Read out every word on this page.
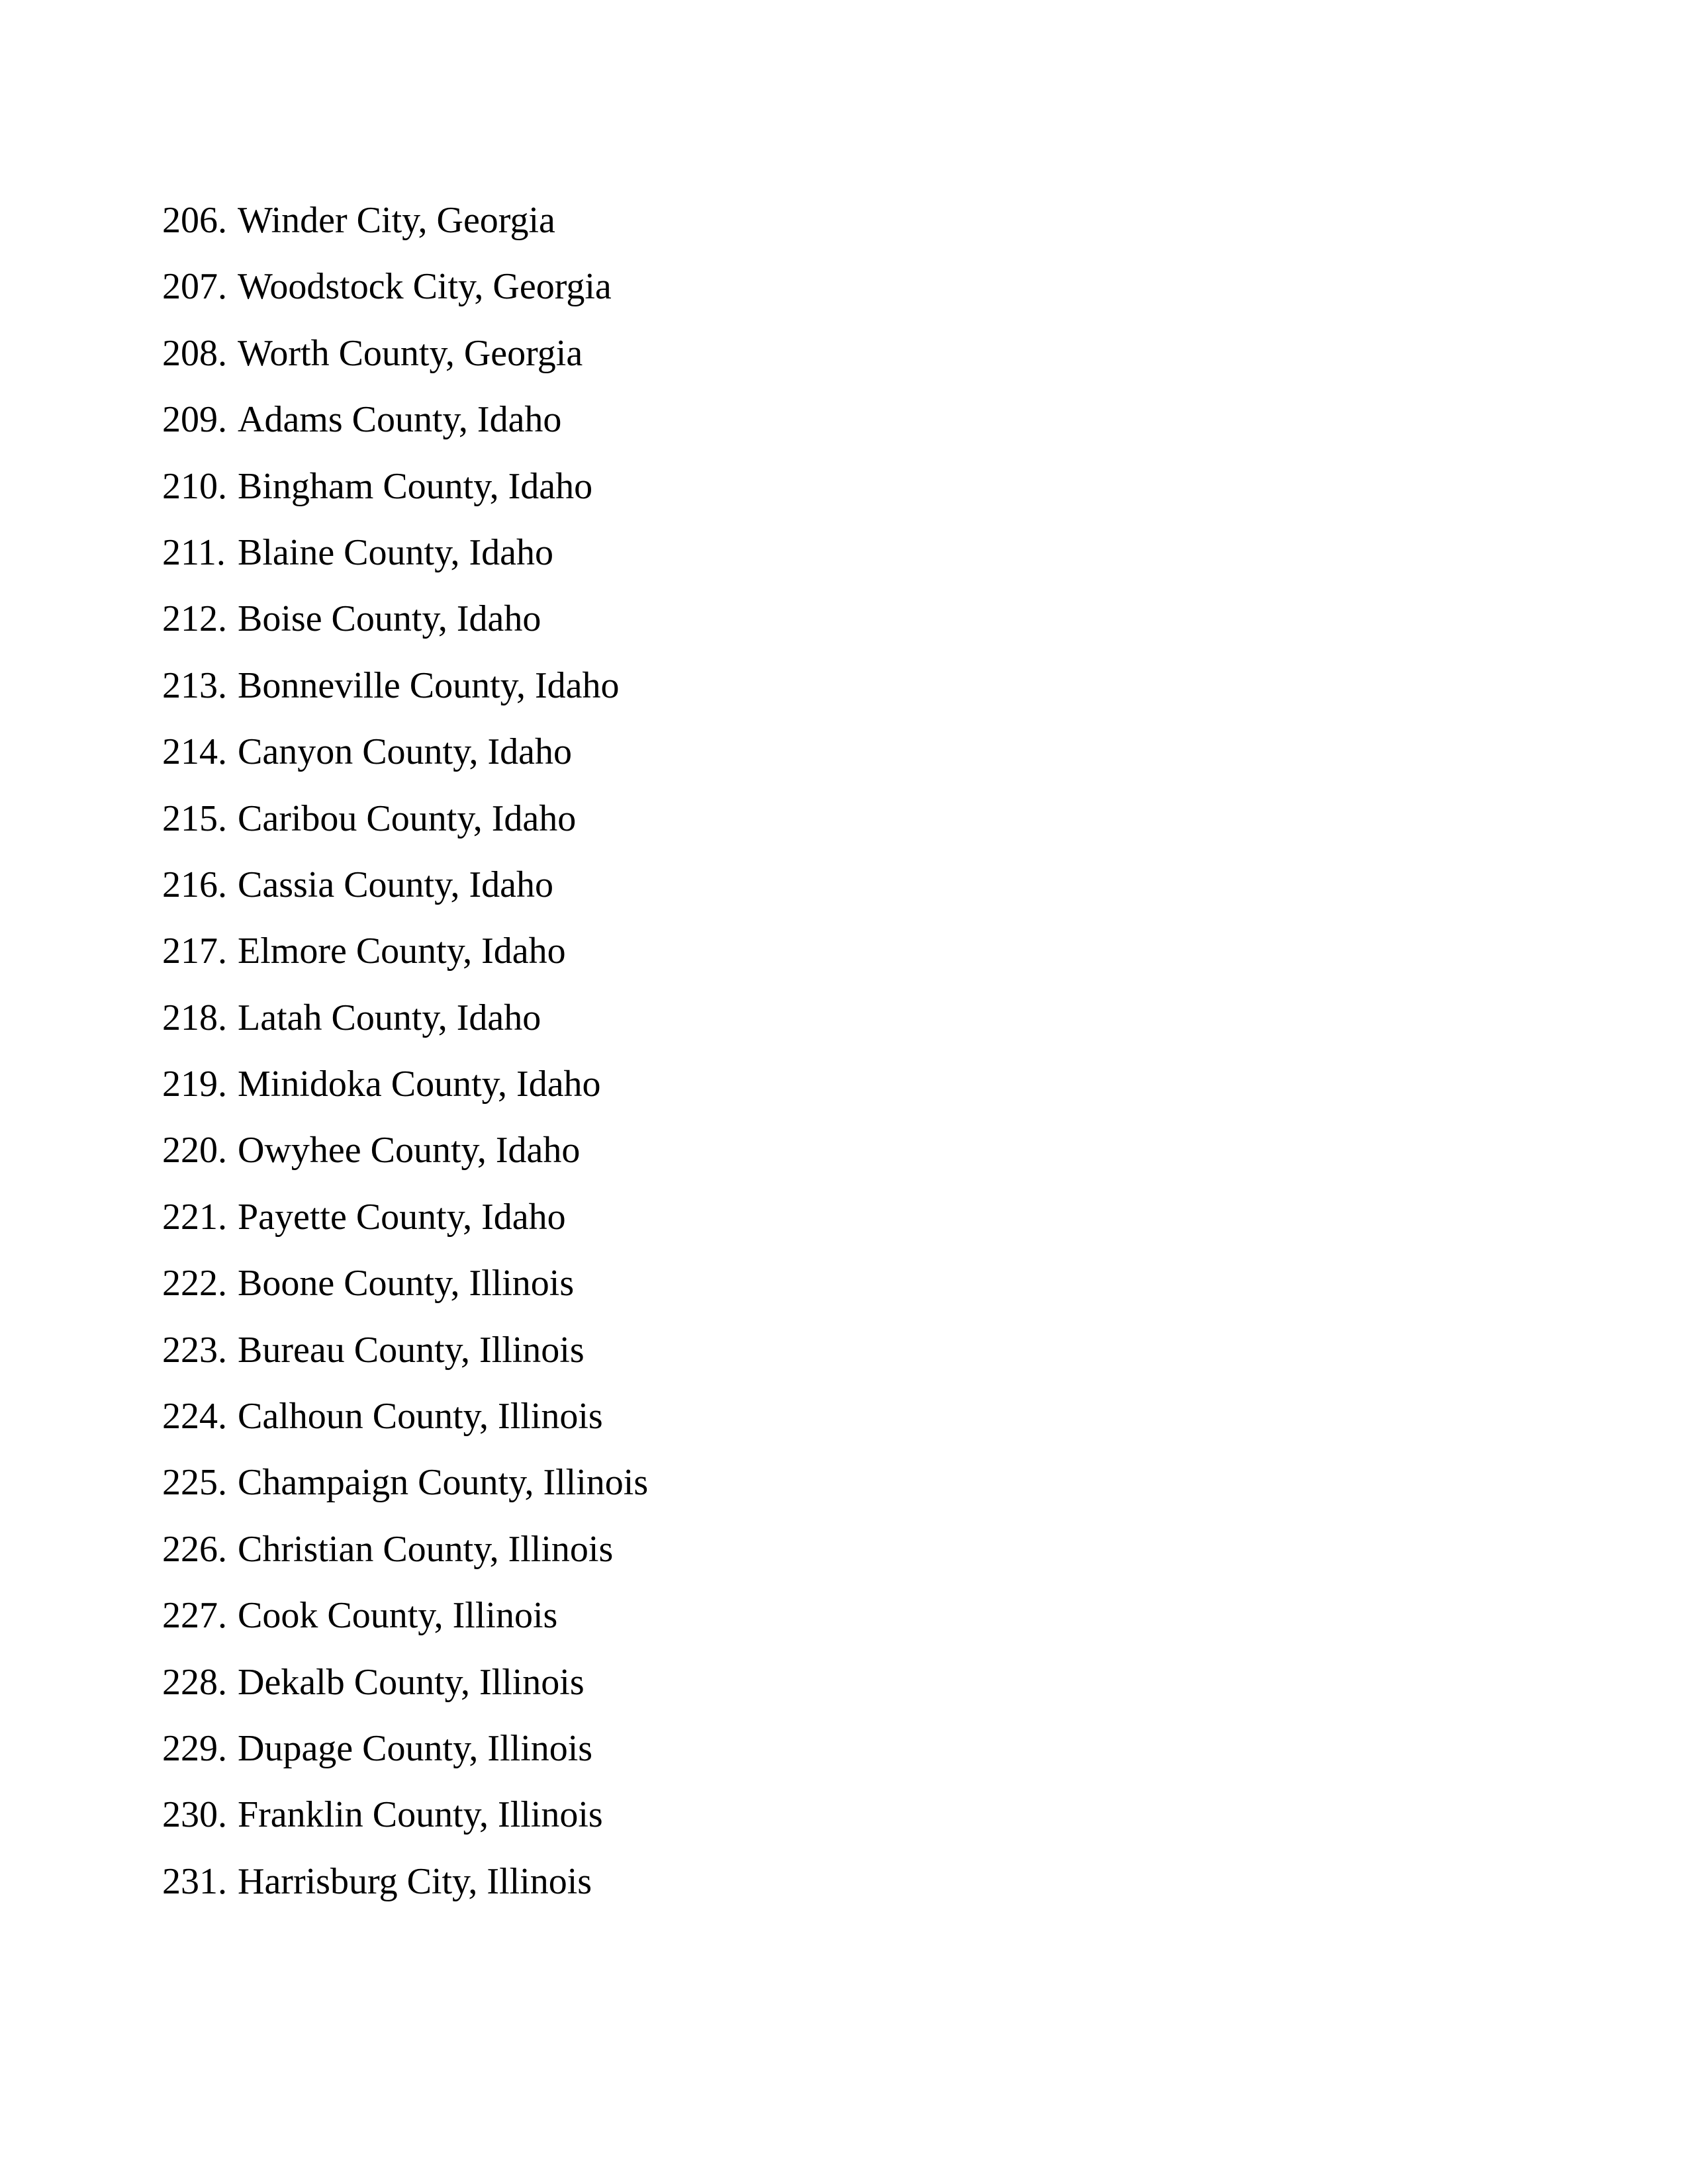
206. Winder City, Georgia
207. Woodstock City, Georgia
208. Worth County, Georgia
209. Adams County, Idaho
210. Bingham County, Idaho
211. Blaine County, Idaho
212. Boise County, Idaho
213. Bonneville County, Idaho
214. Canyon County, Idaho
215. Caribou County, Idaho
216. Cassia County, Idaho
217. Elmore County, Idaho
218. Latah County, Idaho
219. Minidoka County, Idaho
220. Owyhee County, Idaho
221. Payette County, Idaho
222. Boone County, Illinois
223. Bureau County, Illinois
224. Calhoun County, Illinois
225. Champaign County, Illinois
226. Christian County, Illinois
227. Cook County, Illinois
228. Dekalb County, Illinois
229. Dupage County, Illinois
230. Franklin County, Illinois
231. Harrisburg City, Illinois
